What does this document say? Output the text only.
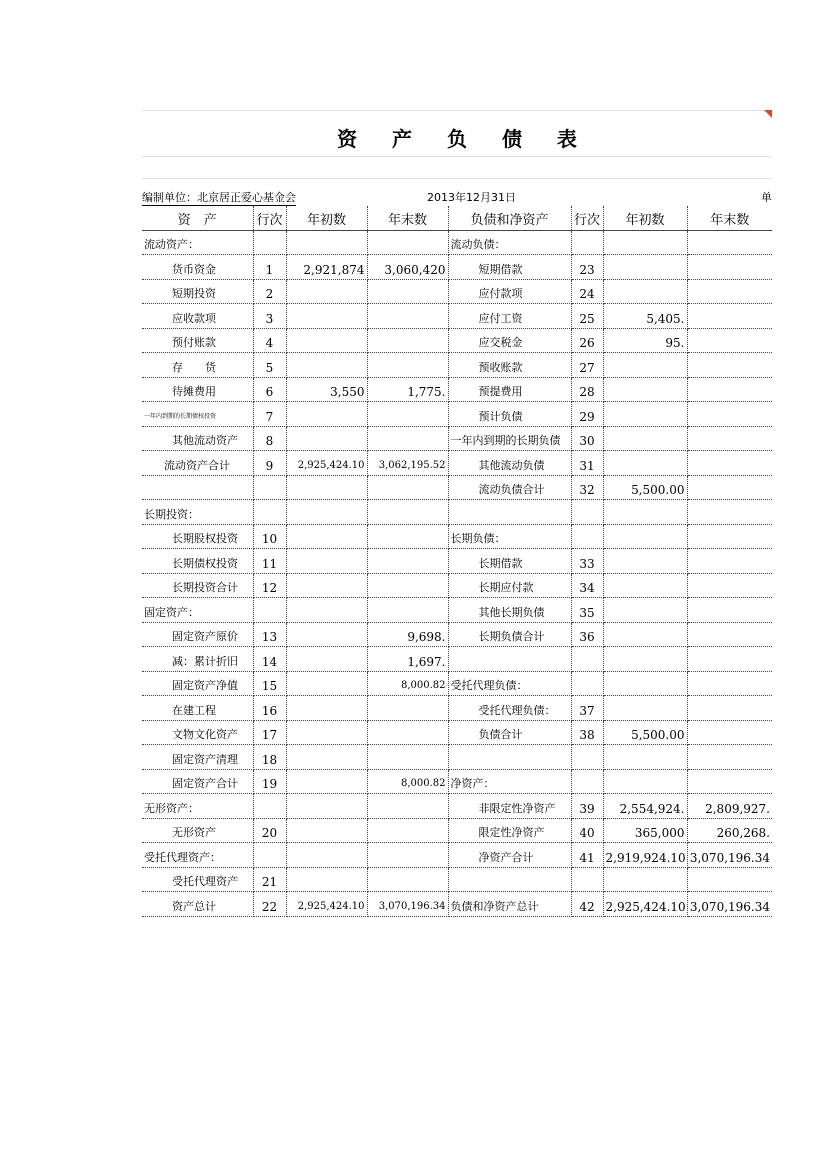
资 产 负 债 表
编制单位：北京居正爱心基金会	2013年12月31日	单
资　产	行次	年初数	年末数	负债和净资产	行次	年初数	年末数
流动资产：				流动负债：			
货币资金	1	2,921,874	3,060,420	短期借款	23		
短期投资	2			应付款项	24		
应收款项	3			应付工资	25	5,405.	
预付账款	4			应交税金	26	95.	
存　　货	5			预收账款	27		
待摊费用	6	3,550	1,775.	预提费用	28		
一年内到期的长期债权投资	7			预计负债	29		
其他流动资产	8			一年内到期的长期负债	30		
流动资产合计	9	2,925,424.10	3,062,195.52	其他流动负债	31		
				流动负债合计	32	5,500.00	
长期投资：							
长期股权投资	10			长期负债：			
长期债权投资	11			长期借款	33		
长期投资合计	12			长期应付款	34		
固定资产：				其他长期负债	35		
固定资产原价	13		9,698.	长期负债合计	36		
减：累计折旧	14		1,697.				
固定资产净值	15		8,000.82	受托代理负债：			
在建工程	16			受托代理负债：	37		
文物文化资产	17			负债合计	38	5,500.00	
固定资产清理	18						
固定资产合计	19		8,000.82	净资产：			
无形资产：				非限定性净资产	39	2,554,924.	2,809,927.
无形资产	20			限定性净资产	40	365,000	260,268.
受托代理资产：				净资产合计	41	2,919,924.10	3,070,196.34
受托代理资产	21						
资产总计	22	2,925,424.10	3,070,196.34	负债和净资产总计	42	2,925,424.10	3,070,196.34
